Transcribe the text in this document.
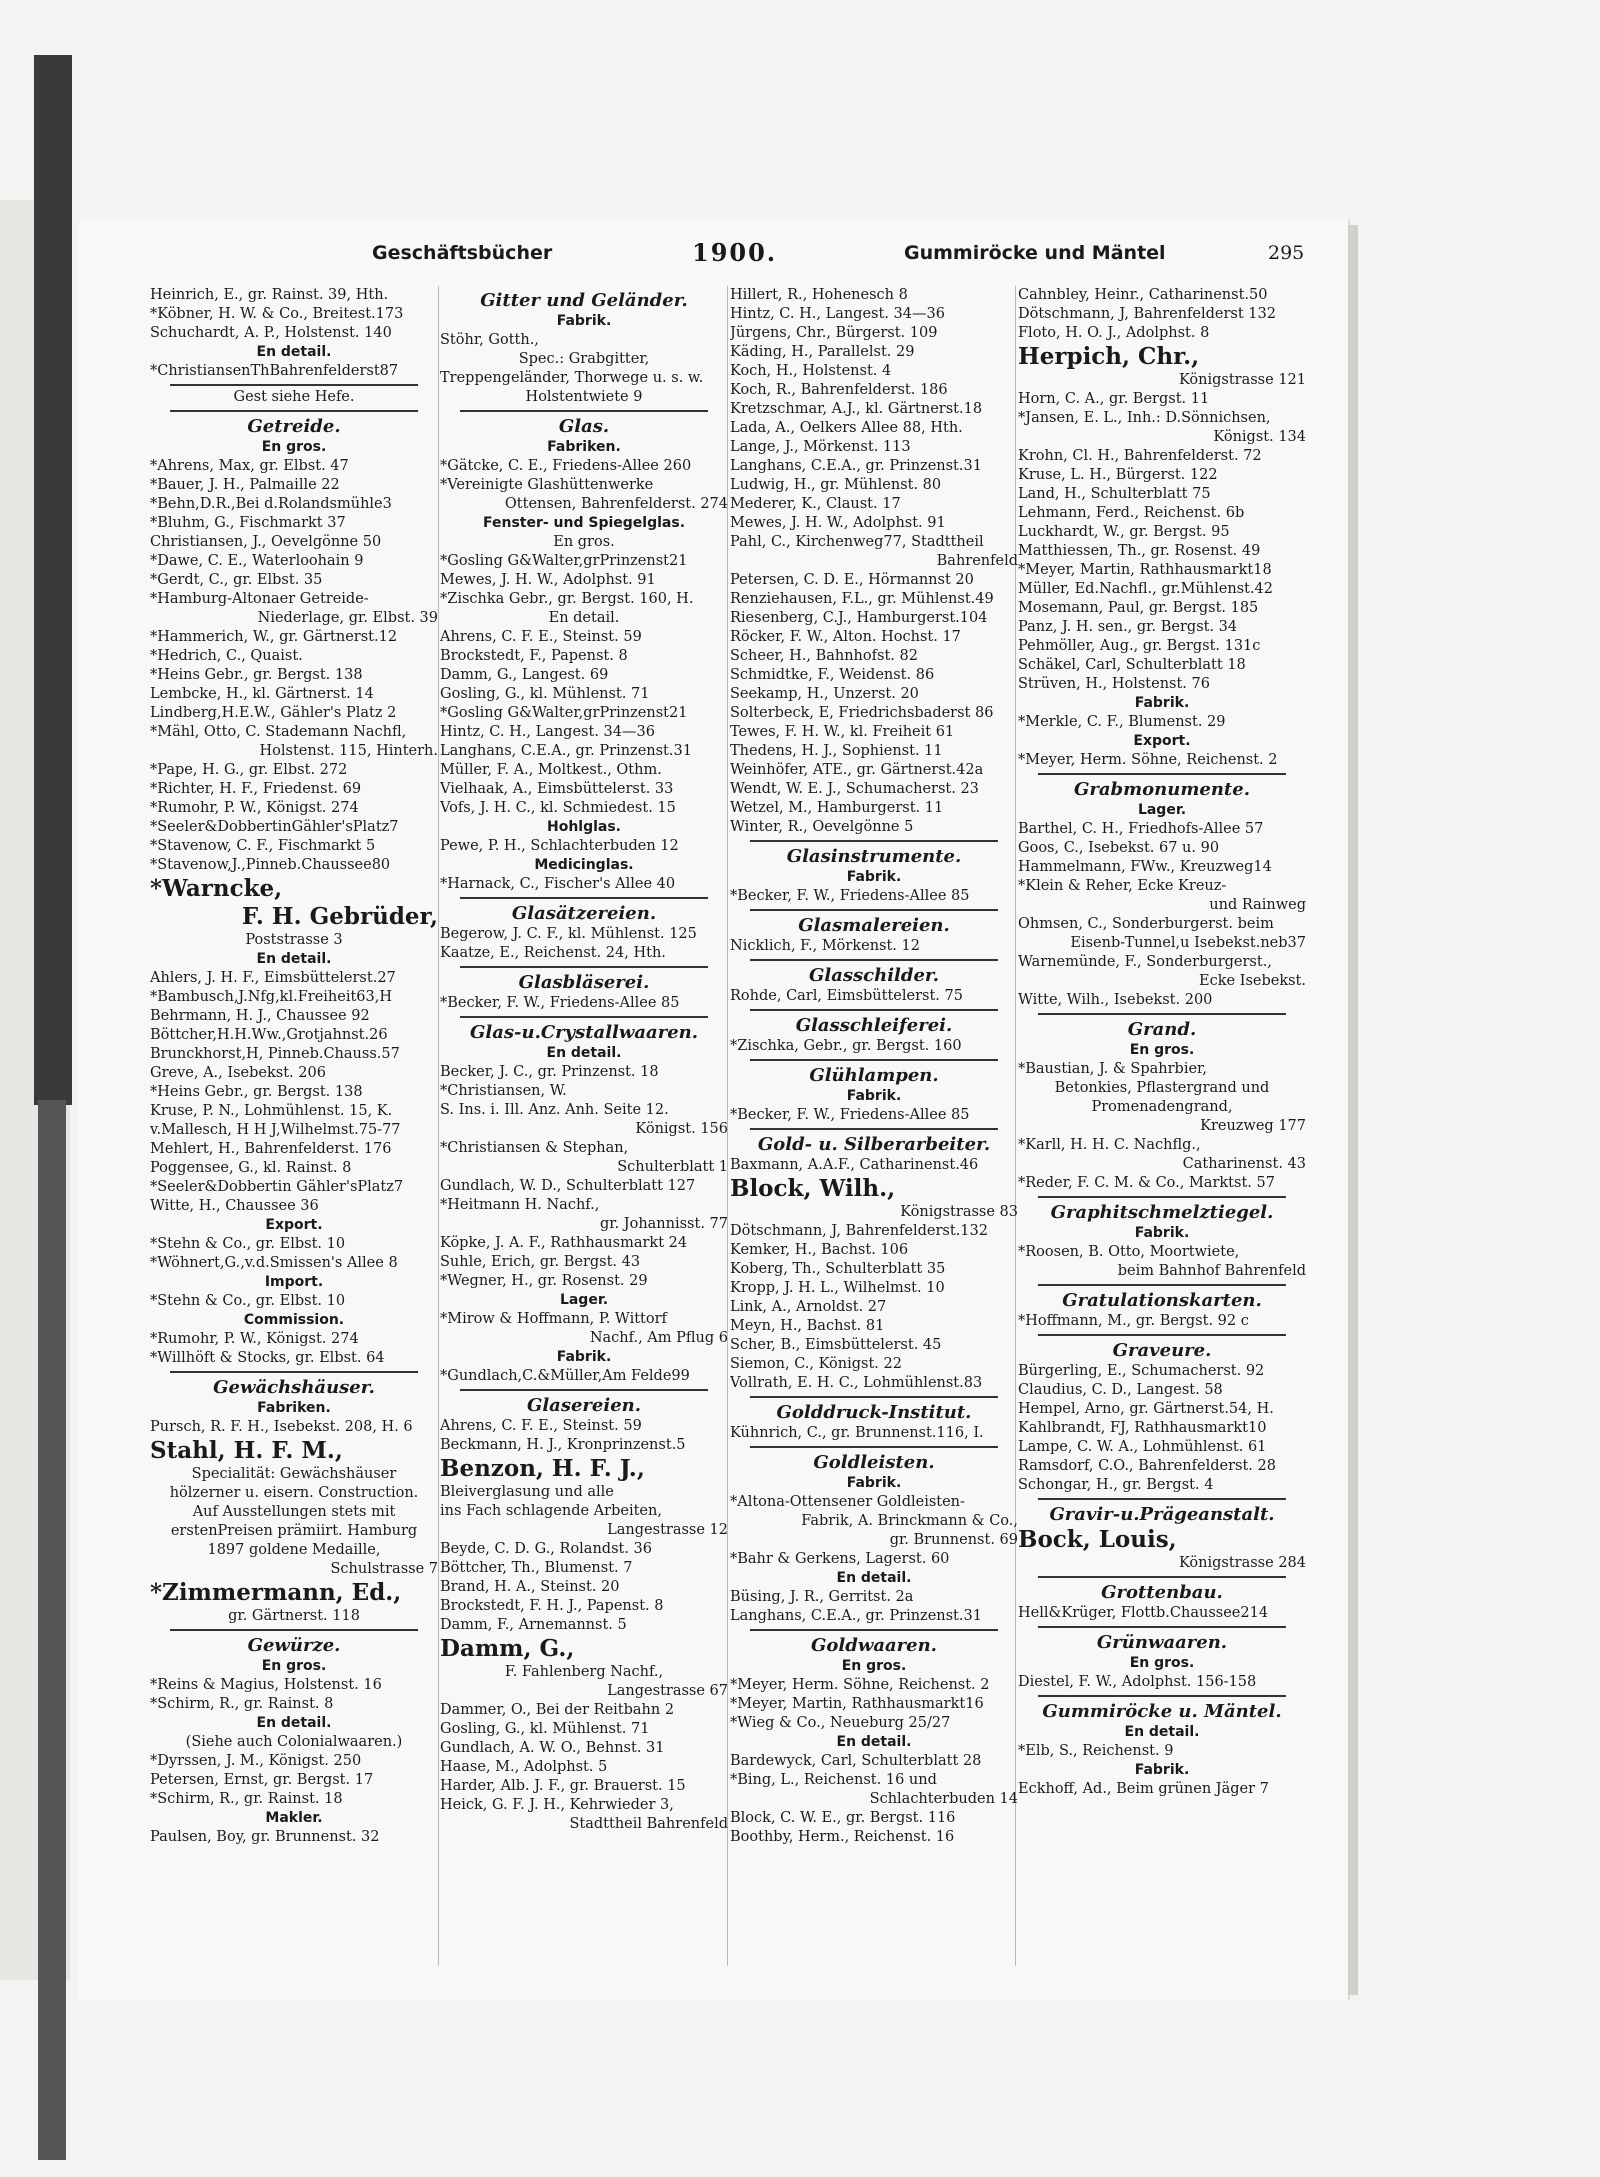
Geschäftsbücher	1900.	Gummiröcke und Mäntel	295
Heinrich, E., gr. Rainst. 39, Hth.
*Köbner, H. W. & Co., Breitest.173
Schuchardt, A. P., Holstenst. 140
En detail.
*ChristiansenThBahrenfelderst87
Gest siehe Hefe.
Getreide.
En gros.
*Ahrens, Max, gr. Elbst. 47
*Bauer, J. H., Palmaille 22
*Behn,D.R.,Bei d.Rolandsmühle3
*Bluhm, G., Fischmarkt 37
Christiansen, J., Oevelgönne 50
*Dawe, C. E., Waterloohain 9
*Gerdt, C., gr. Elbst. 35
*Hamburg-Altonaer Getreide-
Niederlage, gr. Elbst. 39
*Hammerich, W., gr. Gärtnerst.12
*Hedrich, C., Quaist.
*Heins Gebr., gr. Bergst. 138
Lembcke, H., kl. Gärtnerst. 14
Lindberg,H.E.W., Gähler's Platz 2
*Mähl, Otto, C. Stademann Nachfl,
Holstenst. 115, Hinterh.
*Pape, H. G., gr. Elbst. 272
*Richter, H. F., Friedenst. 69
*Rumohr, P. W., Königst. 274
*Seeler&DobbertinGähler'sPlatz7
*Stavenow, C. F., Fischmarkt 5
*Stavenow,J.,Pinneb.Chaussee80
*Warncke,
F. H. Gebrüder,
Poststrasse 3
En detail.
Ahlers, J. H. F., Eimsbüttelerst.27
*Bambusch,J.Nfg,kl.Freiheit63,H
Behrmann, H. J., Chaussee 92
Böttcher,H.H.Ww.,Grotjahnst.26
Brunckhorst,H, Pinneb.Chauss.57
Greve, A., Isebekst. 206
*Heins Gebr., gr. Bergst. 138
Kruse, P. N., Lohmühlenst. 15, K.
v.Mallesch, H H J,Wilhelmst.75-77
Mehlert, H., Bahrenfelderst. 176
Poggensee, G., kl. Rainst. 8
*Seeler&Dobbertin Gähler'sPlatz7
Witte, H., Chaussee 36
Export.
*Stehn & Co., gr. Elbst. 10
*Wöhnert,G.,v.d.Smissen's Allee 8
Import.
*Stehn & Co., gr. Elbst. 10
Commission.
*Rumohr, P. W., Königst. 274
*Willhöft & Stocks, gr. Elbst. 64
Gewächshäuser.
Fabriken.
Pursch, R. F. H., Isebekst. 208, H. 6
Stahl, H. F. M.,
Specialität: Gewächshäuser
hölzerner u. eisern. Construction.
Auf Ausstellungen stets mit
erstenPreisen prämiirt. Hamburg
1897 goldene Medaille,
Schulstrasse 7
*Zimmermann, Ed.,
gr. Gärtnerst. 118
Gewürze.
En gros.
*Reins & Magius, Holstenst. 16
*Schirm, R., gr. Rainst. 8
En detail.
(Siehe auch Colonialwaaren.)
*Dyrssen, J. M., Königst. 250
Petersen, Ernst, gr. Bergst. 17
*Schirm, R., gr. Rainst. 18
Makler.
Paulsen, Boy, gr. Brunnenst. 32
Gitter und Geländer.
Fabrik.
Stöhr, Gotth.,
Spec.: Grabgitter,
Treppengeländer, Thorwege u. s. w.
Holstentwiete 9
Glas.
Fabriken.
*Gätcke, C. E., Friedens-Allee 260
*Vereinigte Glashüttenwerke
Ottensen, Bahrenfelderst. 274
Fenster- und Spiegelglas.
En gros.
*Gosling G&Walter,grPrinzenst21
Mewes, J. H. W., Adolphst. 91
*Zischka Gebr., gr. Bergst. 160, H.
En detail.
Ahrens, C. F. E., Steinst. 59
Brockstedt, F., Papenst. 8
Damm, G., Langest. 69
Gosling, G., kl. Mühlenst. 71
*Gosling G&Walter,grPrinzenst21
Hintz, C. H., Langest. 34—36
Langhans, C.E.A., gr. Prinzenst.31
Müller, F. A., Moltkest., Othm.
Vielhaak, A., Eimsbüttelerst. 33
Vofs, J. H. C., kl. Schmiedest. 15
Hohlglas.
Pewe, P. H., Schlachterbuden 12
Medicinglas.
*Harnack, C., Fischer's Allee 40
Glasätzereien.
Begerow, J. C. F., kl. Mühlenst. 125
Kaatze, E., Reichenst. 24, Hth.
Glasbläserei.
*Becker, F. W., Friedens-Allee 85
Glas-u.Crystallwaaren.
En detail.
Becker, J. C., gr. Prinzenst. 18
*Christiansen, W.
S. Ins. i. Ill. Anz. Anh. Seite 12.
Königst. 156
*Christiansen & Stephan,
Schulterblatt 1
Gundlach, W. D., Schulterblatt 127
*Heitmann H. Nachf.,
gr. Johannisst. 77
Köpke, J. A. F., Rathhausmarkt 24
Suhle, Erich, gr. Bergst. 43
*Wegner, H., gr. Rosenst. 29
Lager.
*Mirow & Hoffmann, P. Wittorf
Nachf., Am Pflug 6
Fabrik.
*Gundlach,C.&Müller,Am Felde99
Glasereien.
Ahrens, C. F. E., Steinst. 59
Beckmann, H. J., Kronprinzenst.5
Benzon, H. F. J.,
Bleiverglasung und alle
ins Fach schlagende Arbeiten,
Langestrasse 12
Beyde, C. D. G., Rolandst. 36
Böttcher, Th., Blumenst. 7
Brand, H. A., Steinst. 20
Brockstedt, F. H. J., Papenst. 8
Damm, F., Arnemannst. 5
Damm, G.,
F. Fahlenberg Nachf.,
Langestrasse 67
Dammer, O., Bei der Reitbahn 2
Gosling, G., kl. Mühlenst. 71
Gundlach, A. W. O., Behnst. 31
Haase, M., Adolphst. 5
Harder, Alb. J. F., gr. Brauerst. 15
Heick, G. F. J. H., Kehrwieder 3,
Stadttheil Bahrenfeld
Hillert, R., Hohenesch 8
Hintz, C. H., Langest. 34—36
Jürgens, Chr., Bürgerst. 109
Käding, H., Parallelst. 29
Koch, H., Holstenst. 4
Koch, R., Bahrenfelderst. 186
Kretzschmar, A.J., kl. Gärtnerst.18
Lada, A., Oelkers Allee 88, Hth.
Lange, J., Mörkenst. 113
Langhans, C.E.A., gr. Prinzenst.31
Ludwig, H., gr. Mühlenst. 80
Mederer, K., Claust. 17
Mewes, J. H. W., Adolphst. 91
Pahl, C., Kirchenweg77, Stadttheil
Bahrenfeld
Petersen, C. D. E., Hörmannst 20
Renziehausen, F.L., gr. Mühlenst.49
Riesenberg, C.J., Hamburgerst.104
Röcker, F. W., Alton. Hochst. 17
Scheer, H., Bahnhofst. 82
Schmidtke, F., Weidenst. 86
Seekamp, H., Unzerst. 20
Solterbeck, E, Friedrichsbaderst 86
Tewes, F. H. W., kl. Freiheit 61
Thedens, H. J., Sophienst. 11
Weinhöfer, ATE., gr. Gärtnerst.42a
Wendt, W. E. J., Schumacherst. 23
Wetzel, M., Hamburgerst. 11
Winter, R., Oevelgönne 5
Glasinstrumente.
Fabrik.
*Becker, F. W., Friedens-Allee 85
Glasmalereien.
Nicklich, F., Mörkenst. 12
Glasschilder.
Rohde, Carl, Eimsbüttelerst. 75
Glasschleiferei.
*Zischka, Gebr., gr. Bergst. 160
Glühlampen.
Fabrik.
*Becker, F. W., Friedens-Allee 85
Gold- u. Silberarbeiter.
Baxmann, A.A.F., Catharinenst.46
Block, Wilh.,
Königstrasse 83
Dötschmann, J, Bahrenfelderst.132
Kemker, H., Bachst. 106
Koberg, Th., Schulterblatt 35
Kropp, J. H. L., Wilhelmst. 10
Link, A., Arnoldst. 27
Meyn, H., Bachst. 81
Scher, B., Eimsbüttelerst. 45
Siemon, C., Königst. 22
Vollrath, E. H. C., Lohmühlenst.83
Golddruck-Institut.
Kühnrich, C., gr. Brunnenst.116, I.
Goldleisten.
Fabrik.
*Altona-Ottensener Goldleisten-
Fabrik, A. Brinckmann & Co.,
gr. Brunnenst. 69
*Bahr & Gerkens, Lagerst. 60
En detail.
Büsing, J. R., Gerritst. 2a
Langhans, C.E.A., gr. Prinzenst.31
Goldwaaren.
En gros.
*Meyer, Herm. Söhne, Reichenst. 2
*Meyer, Martin, Rathhausmarkt16
*Wieg & Co., Neueburg 25/27
En detail.
Bardewyck, Carl, Schulterblatt 28
*Bing, L., Reichenst. 16 und
Schlachterbuden 14
Block, C. W. E., gr. Bergst. 116
Boothby, Herm., Reichenst. 16
Cahnbley, Heinr., Catharinenst.50
Dötschmann, J, Bahrenfelderst 132
Floto, H. O. J., Adolphst. 8
Herpich, Chr.,
Königstrasse 121
Horn, C. A., gr. Bergst. 11
*Jansen, E. L., Inh.: D.Sönnichsen,
Königst. 134
Krohn, Cl. H., Bahrenfelderst. 72
Kruse, L. H., Bürgerst. 122
Land, H., Schulterblatt 75
Lehmann, Ferd., Reichenst. 6b
Luckhardt, W., gr. Bergst. 95
Matthiessen, Th., gr. Rosenst. 49
*Meyer, Martin, Rathhausmarkt18
Müller, Ed.Nachfl., gr.Mühlenst.42
Mosemann, Paul, gr. Bergst. 185
Panz, J. H. sen., gr. Bergst. 34
Pehmöller, Aug., gr. Bergst. 131c
Schäkel, Carl, Schulterblatt 18
Strüven, H., Holstenst. 76
Fabrik.
*Merkle, C. F., Blumenst. 29
Export.
*Meyer, Herm. Söhne, Reichenst. 2
Grabmonumente.
Lager.
Barthel, C. H., Friedhofs-Allee 57
Goos, C., Isebekst. 67 u. 90
Hammelmann, FWw., Kreuzweg14
*Klein & Reher, Ecke Kreuz-
und Rainweg
Ohmsen, C., Sonderburgerst. beim
Eisenb-Tunnel,u Isebekst.neb37
Warnemünde, F., Sonderburgerst.,
Ecke Isebekst.
Witte, Wilh., Isebekst. 200
Grand.
En gros.
*Baustian, J. & Spahrbier,
Betonkies, Pflastergrand und
Promenadengrand,
Kreuzweg 177
*Karll, H. H. C. Nachflg.,
Catharinenst. 43
*Reder, F. C. M. & Co., Marktst. 57
Graphitschmelztiegel.
Fabrik.
*Roosen, B. Otto, Moortwiete,
beim Bahnhof Bahrenfeld
Gratulationskarten.
*Hoffmann, M., gr. Bergst. 92 c
Graveure.
Bürgerling, E., Schumacherst. 92
Claudius, C. D., Langest. 58
Hempel, Arno, gr. Gärtnerst.54, H.
Kahlbrandt, FJ, Rathhausmarkt10
Lampe, C. W. A., Lohmühlenst. 61
Ramsdorf, C.O., Bahrenfelderst. 28
Schongar, H., gr. Bergst. 4
Gravir-u.Prägeanstalt.
Bock, Louis,
Königstrasse 284
Grottenbau.
Hell&Krüger, Flottb.Chaussee214
Grünwaaren.
En gros.
Diestel, F. W., Adolphst. 156-158
Gummiröcke u. Mäntel.
En detail.
*Elb, S., Reichenst. 9
Fabrik.
Eckhoff, Ad., Beim grünen Jäger 7
